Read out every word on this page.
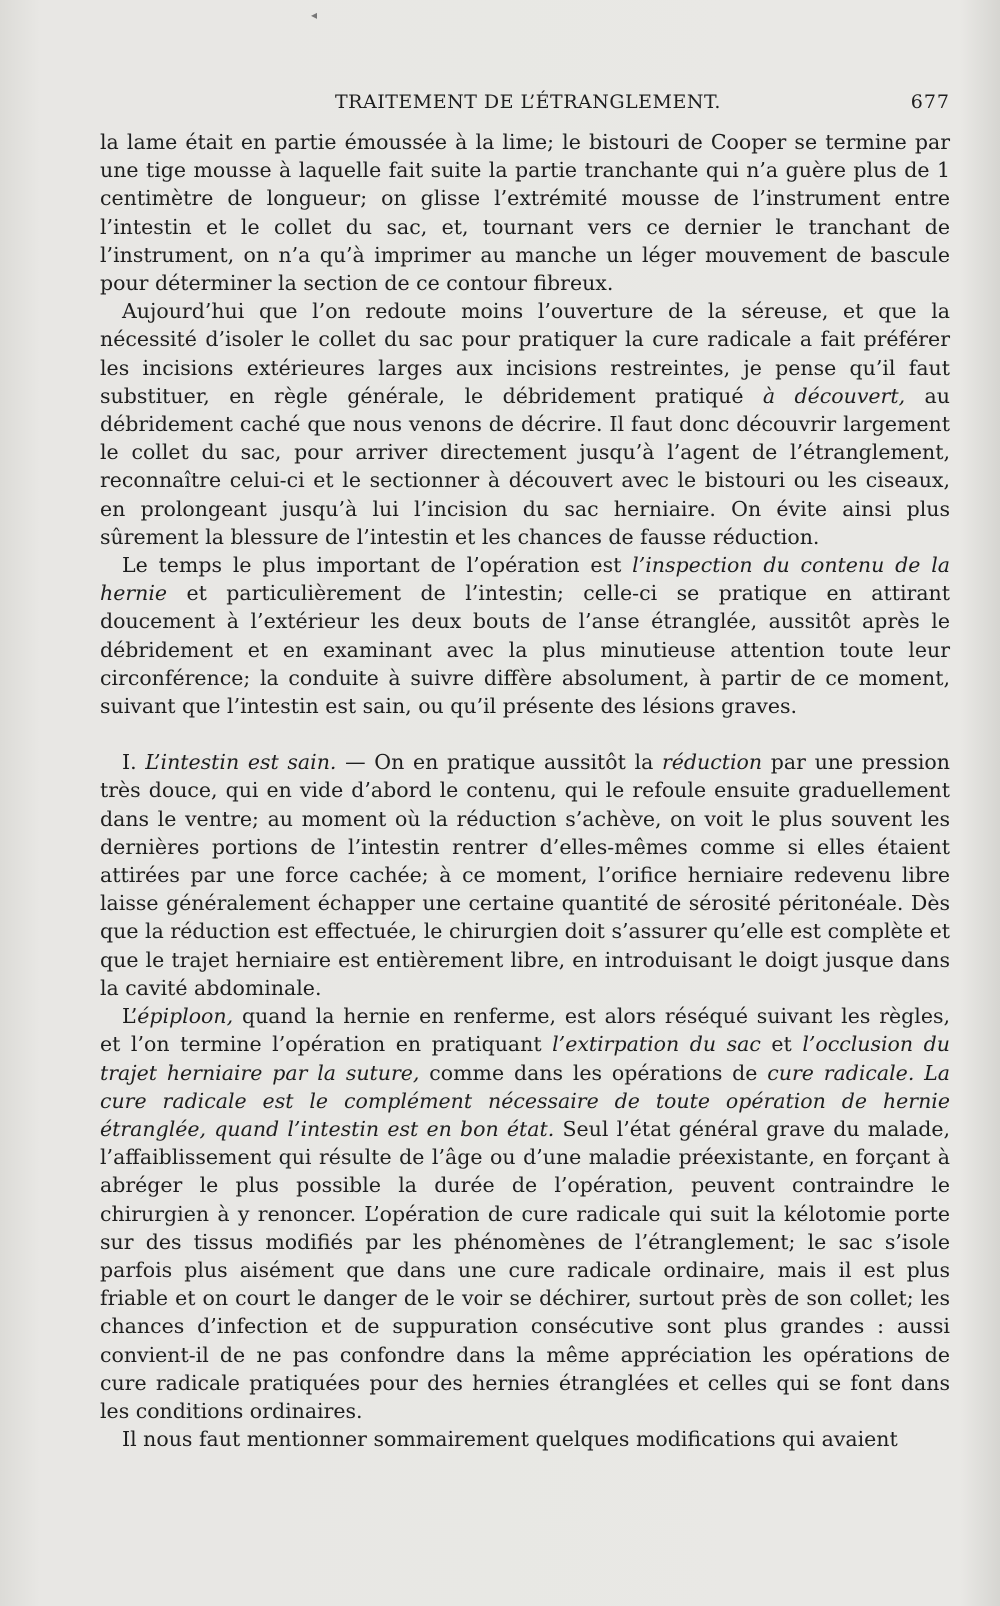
◂
TRAITEMENT DE L’ÉTRANGLEMENT.	677

la lame était en partie émoussée à la lime; le bistouri de Cooper se termine par une tige mousse à laquelle fait suite la partie tranchante qui n’a guère plus de 1 centimètre de longueur; on glisse l’extrémité mousse de l’instrument entre l’intestin et le collet du sac, et, tournant vers ce dernier le tranchant de l’instrument, on n’a qu’à imprimer au manche un léger mouvement de bascule pour déterminer la section de ce contour fibreux.

Aujourd’hui que l’on redoute moins l’ouverture de la séreuse, et que la nécessité d’isoler le collet du sac pour pratiquer la cure radicale a fait préférer les incisions extérieures larges aux incisions restreintes, je pense qu’il faut substituer, en règle générale, le débridement pratiqué à découvert, au débridement caché que nous venons de décrire. Il faut donc découvrir largement le collet du sac, pour arriver directement jusqu’à l’agent de l’étranglement, reconnaître celui-ci et le sectionner à découvert avec le bistouri ou les ciseaux, en prolongeant jusqu’à lui l’incision du sac herniaire. On évite ainsi plus sûrement la blessure de l’intestin et les chances de fausse réduction.

Le temps le plus important de l’opération est l’inspection du contenu de la hernie et particulièrement de l’intestin; celle-ci se pratique en attirant doucement à l’extérieur les deux bouts de l’anse étranglée, aussitôt après le débridement et en examinant avec la plus minutieuse attention toute leur circonférence; la conduite à suivre diffère absolument, à partir de ce moment, suivant que l’intestin est sain, ou qu’il présente des lésions graves.

I. L’intestin est sain. — On en pratique aussitôt la réduction par une pression très douce, qui en vide d’abord le contenu, qui le refoule ensuite graduellement dans le ventre; au moment où la réduction s’achève, on voit le plus souvent les dernières portions de l’intestin rentrer d’elles-mêmes comme si elles étaient attirées par une force cachée; à ce moment, l’orifice herniaire redevenu libre laisse généralement échapper une certaine quantité de sérosité péritonéale. Dès que la réduction est effectuée, le chirurgien doit s’assurer qu’elle est complète et que le trajet herniaire est entièrement libre, en introduisant le doigt jusque dans la cavité abdominale.

L’épiploon, quand la hernie en renferme, est alors réséqué suivant les règles, et l’on termine l’opération en pratiquant l’extirpation du sac et l’occlusion du trajet herniaire par la suture, comme dans les opérations de cure radicale. La cure radicale est le complément nécessaire de toute opération de hernie étranglée, quand l’intestin est en bon état. Seul l’état général grave du malade, l’affaiblissement qui résulte de l’âge ou d’une maladie préexistante, en forçant à abréger le plus possible la durée de l’opération, peuvent contraindre le chirurgien à y renoncer. L’opération de cure radicale qui suit la kélotomie porte sur des tissus modifiés par les phénomènes de l’étranglement; le sac s’isole parfois plus aisément que dans une cure radicale ordinaire, mais il est plus friable et on court le danger de le voir se déchirer, surtout près de son collet; les chances d’infection et de suppuration consécutive sont plus grandes : aussi convient-il de ne pas confondre dans la même appréciation les opérations de cure radicale pratiquées pour des hernies étranglées et celles qui se font dans les conditions ordinaires.

Il nous faut mentionner sommairement quelques modifications qui avaient
